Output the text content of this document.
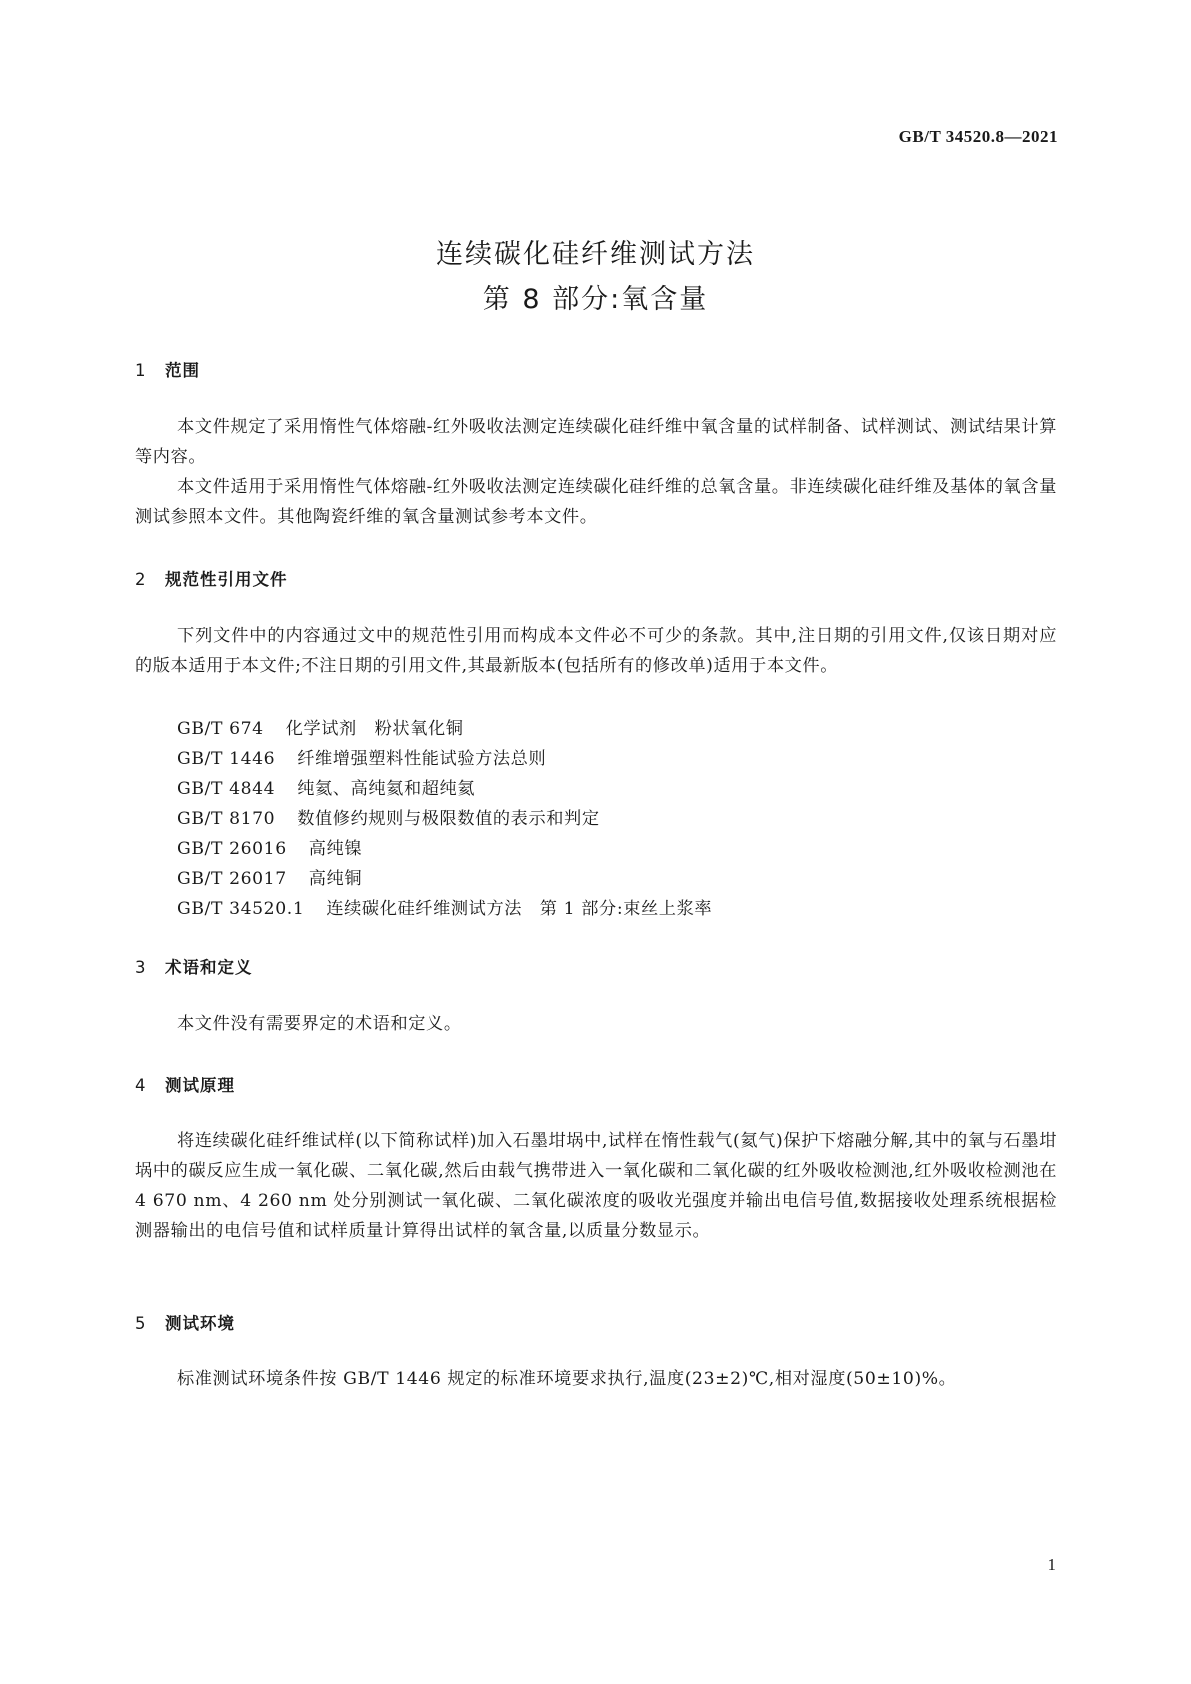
GB/T 34520.8—2021
连续碳化硅纤维测试方法
第 8 部分:氧含量
1 范围
本文件规定了采用惰性气体熔融-红外吸收法测定连续碳化硅纤维中氧含量的试样制备、试样测试、测试结果计算等内容。
本文件适用于采用惰性气体熔融-红外吸收法测定连续碳化硅纤维的总氧含量。非连续碳化硅纤维及基体的氧含量测试参照本文件。其他陶瓷纤维的氧含量测试参考本文件。
2 规范性引用文件
下列文件中的内容通过文中的规范性引用而构成本文件必不可少的条款。其中,注日期的引用文件,仅该日期对应的版本适用于本文件;不注日期的引用文件,其最新版本(包括所有的修改单)适用于本文件。
GB/T 674 化学试剂　粉状氧化铜
GB/T 1446 纤维增强塑料性能试验方法总则
GB/T 4844 纯氦、高纯氦和超纯氦
GB/T 8170 数值修约规则与极限数值的表示和判定
GB/T 26016 高纯镍
GB/T 26017 高纯铜
GB/T 34520.1 连续碳化硅纤维测试方法　第 1 部分:束丝上浆率
3 术语和定义
本文件没有需要界定的术语和定义。
4 测试原理
将连续碳化硅纤维试样(以下简称试样)加入石墨坩埚中,试样在惰性载气(氦气)保护下熔融分解,其中的氧与石墨坩埚中的碳反应生成一氧化碳、二氧化碳,然后由载气携带进入一氧化碳和二氧化碳的红外吸收检测池,红外吸收检测池在 4 670 nm、4 260 nm 处分别测试一氧化碳、二氧化碳浓度的吸收光强度并输出电信号值,数据接收处理系统根据检测器输出的电信号值和试样质量计算得出试样的氧含量,以质量分数显示。
5 测试环境
标准测试环境条件按 GB/T 1446 规定的标准环境要求执行,温度(23±2)℃,相对湿度(50±10)%。
1
